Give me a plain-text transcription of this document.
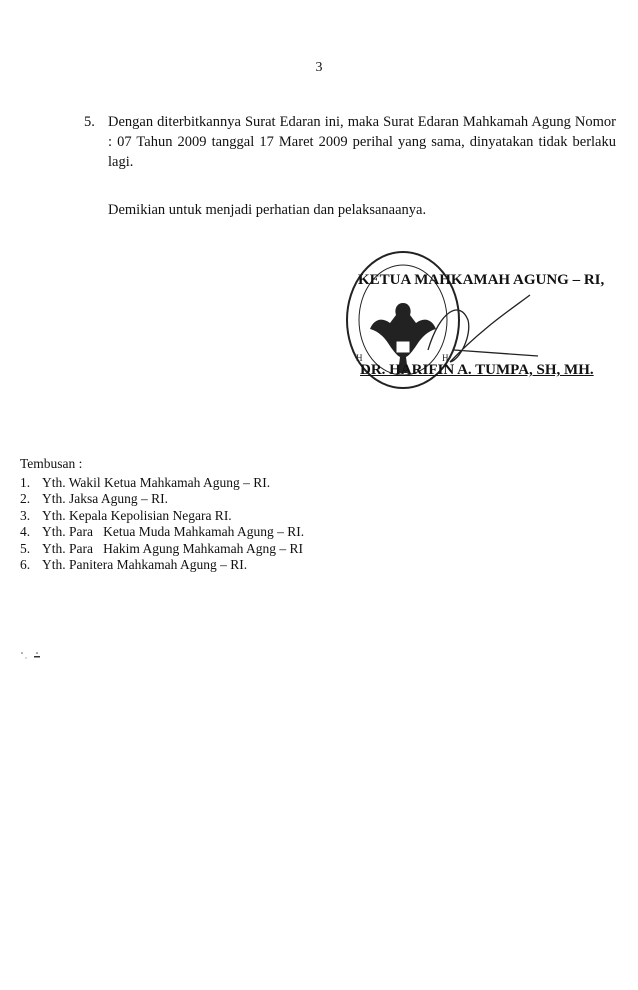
3
5. Dengan diterbitkannya Surat Edaran ini, maka Surat Edaran Mahkamah Agung Nomor : 07 Tahun 2009 tanggal 17 Maret 2009 perihal yang sama, dinyatakan tidak berlaku lagi.
Demikian untuk menjadi perhatian dan pelaksanaanya.
H	H
KETUA MAHKAMAH AGUNG – RI,
DR. HARIFIN A. TUMPA, SH, MH.
Tembusan :
1. Yth. Wakil Ketua Mahkamah Agung – RI.
2. Yth. Jaksa Agung – RI.
3. Yth. Kepala Kepolisian Negara RI.
4. Yth. Para   Ketua Muda Mahkamah Agung – RI.
5. Yth. Para   Hakim Agung Mahkamah Agng – RI
6. Yth. Panitera Mahkamah Agung – RI.
